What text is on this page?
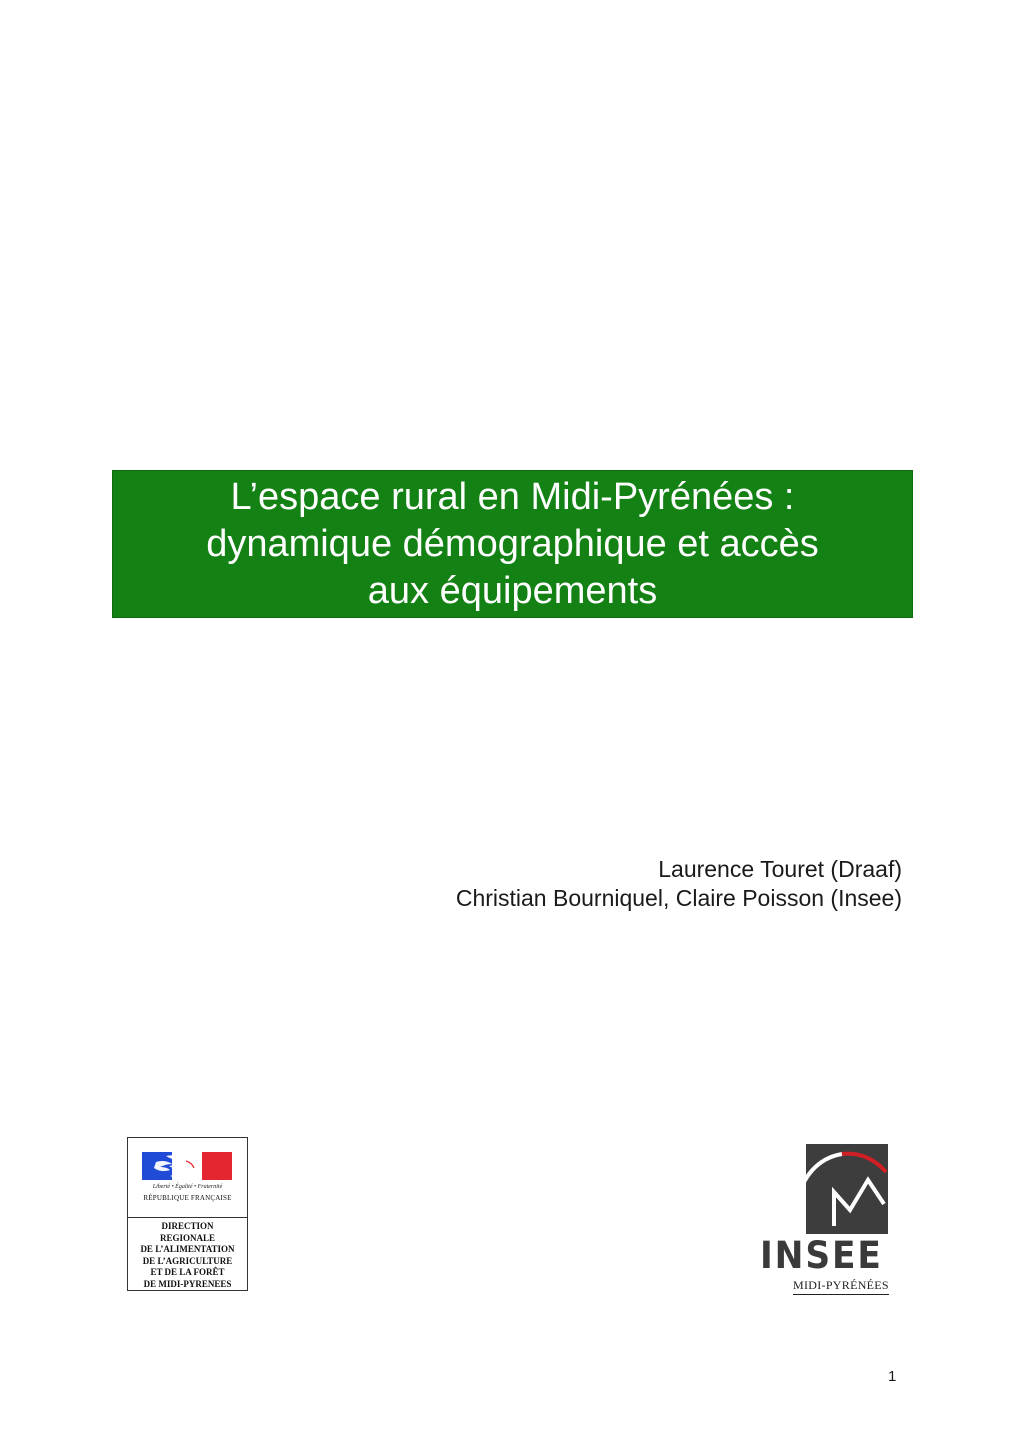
L’espace rural en Midi-Pyrénées :
dynamique démographique et accès
aux équipements
Laurence Touret (Draaf)
Christian Bourniquel, Claire Poisson (Insee)
Liberté • Égalité • Fraternité
RÉPUBLIQUE FRANÇAISE
DIRECTION
REGIONALE
DE L’ALIMENTATION
DE L’AGRICULTURE
ET DE LA FORÊT
DE MIDI-PYRENEES
INSEE
MIDI-PYRÉNÉES
1
